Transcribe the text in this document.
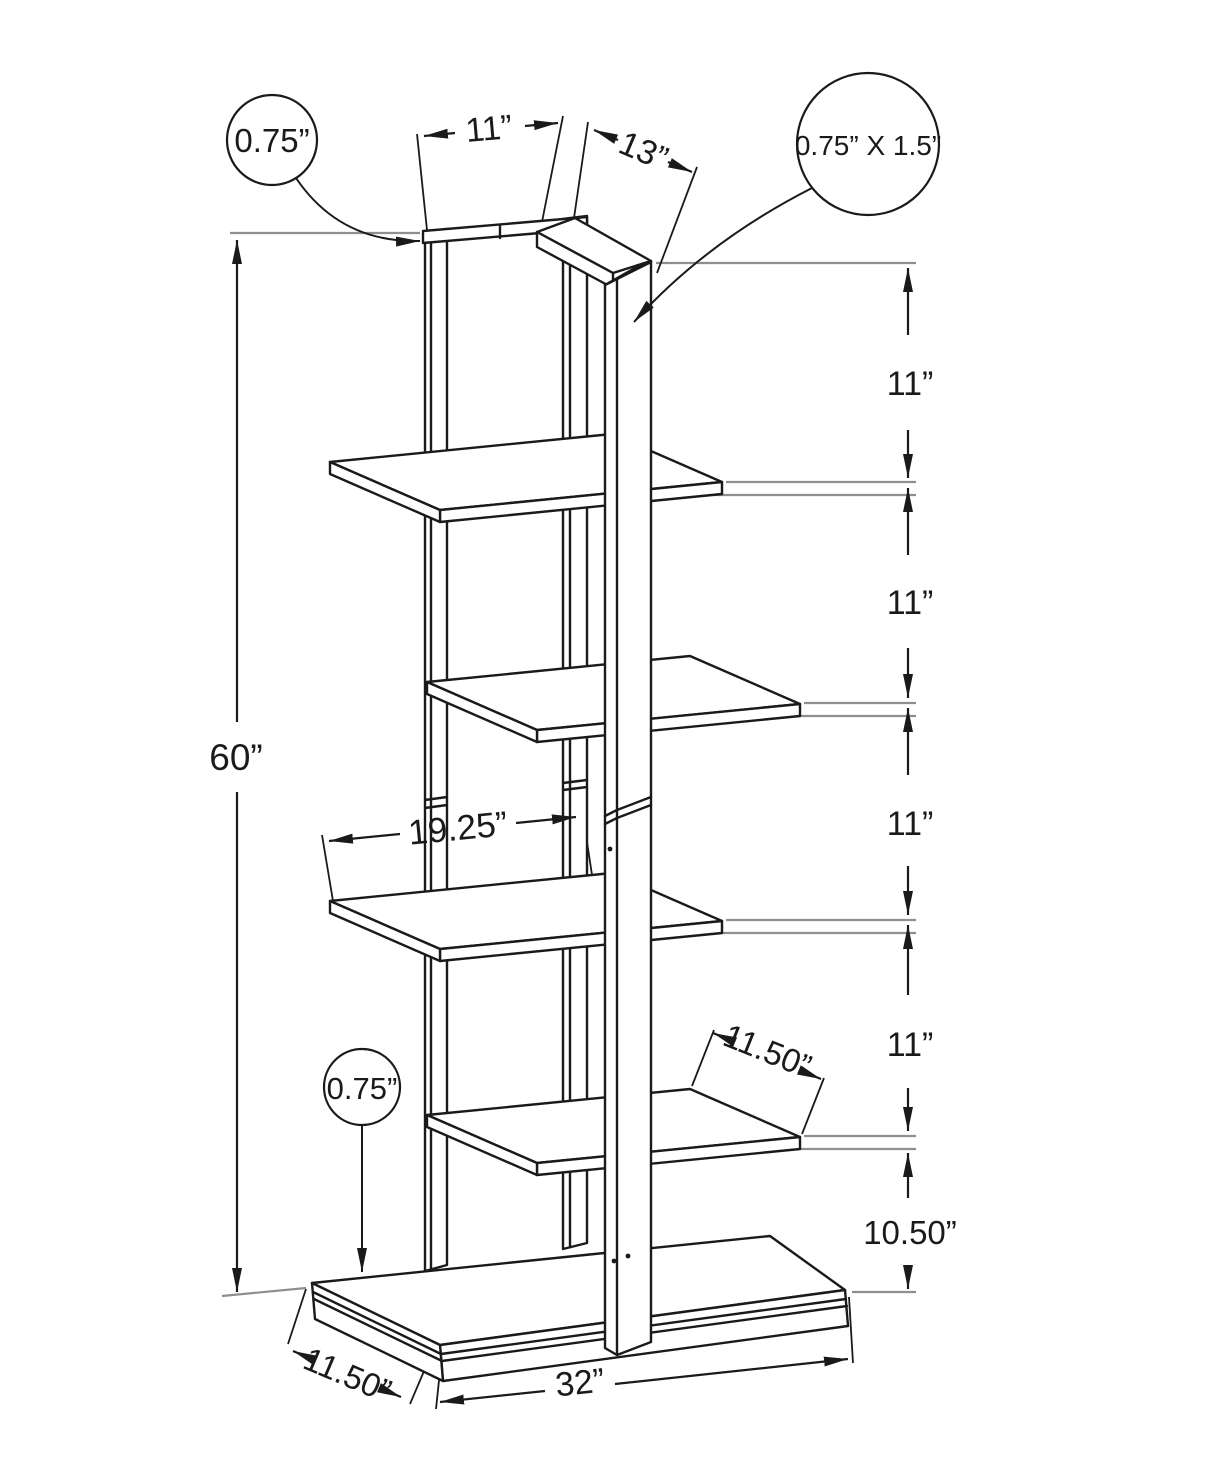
60”
11”	13”
11”
11”
11”
11”
10.50”
19.25”
11.50”
11.50”	32”
0.75”	0.75” X 1.5”
0.75”
